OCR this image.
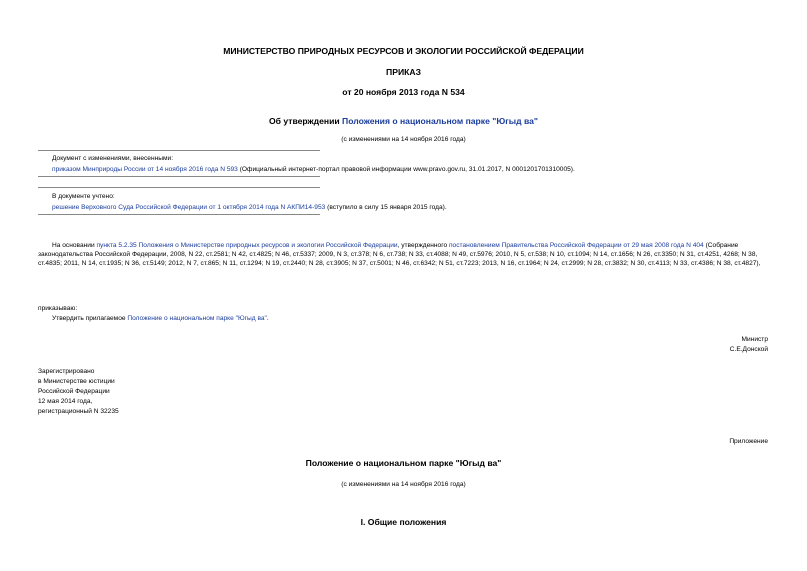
МИНИСТЕРСТВО ПРИРОДНЫХ РЕСУРСОВ И ЭКОЛОГИИ РОССИЙСКОЙ ФЕДЕРАЦИИ
ПРИКАЗ
от 20 ноября 2013 года N 534
Об утверждении Положения о национальном парке "Югыд ва"
(с изменениями на 14 ноября 2016 года)
Документ с изменениями, внесенными:
приказом Минприроды России от 14 ноября 2016 года N 593 (Официальный интернет-портал правовой информации www.pravo.gov.ru, 31.01.2017, N 0001201701310005).
В документе учтено:
решение Верховного Суда Российской Федерации от 1 октября 2014 года N АКПИ14-953 (вступило в силу 15 января 2015 года).
На основании пункта 5.2.35 Положения о Министерстве природных ресурсов и экологии Российской Федерации, утвержденного постановлением Правительства Российской Федерации от 29 мая 2008 года N 404 (Собрание законодательства Российской Федерации, 2008, N 22, ст.2581; N 42, ст.4825; N 46, ст.5337; 2009, N 3, ст.378; N 6, ст.738; N 33, ст.4088; N 49, ст.5976; 2010, N 5, ст.538; N 10, ст.1094; N 14, ст.1656; N 26, ст.3350; N 31, ст.4251, 4268; N 38, ст.4835; 2011, N 14, ст.1935; N 36, ст.5149; 2012, N 7, ст.865; N 11, ст.1294; N 19, ст.2440; N 28, ст.3905; N 37, ст.5001; N 46, ст.6342; N 51, ст.7223; 2013, N 16, ст.1964; N 24, ст.2999; N 28, ст.3832; N 30, ст.4113; N 33, ст.4386; N 38, ст.4827),
приказываю:
Утвердить прилагаемое Положение о национальном парке "Югыд ва".
Министр
С.Е.Донской
Зарегистрировано
в Министерстве юстиции
Российской Федерации
12 мая 2014 года,
регистрационный N 32235
Приложение
Положение о национальном парке "Югыд ва"
(с изменениями на 14 ноября 2016 года)
I. Общие положения
